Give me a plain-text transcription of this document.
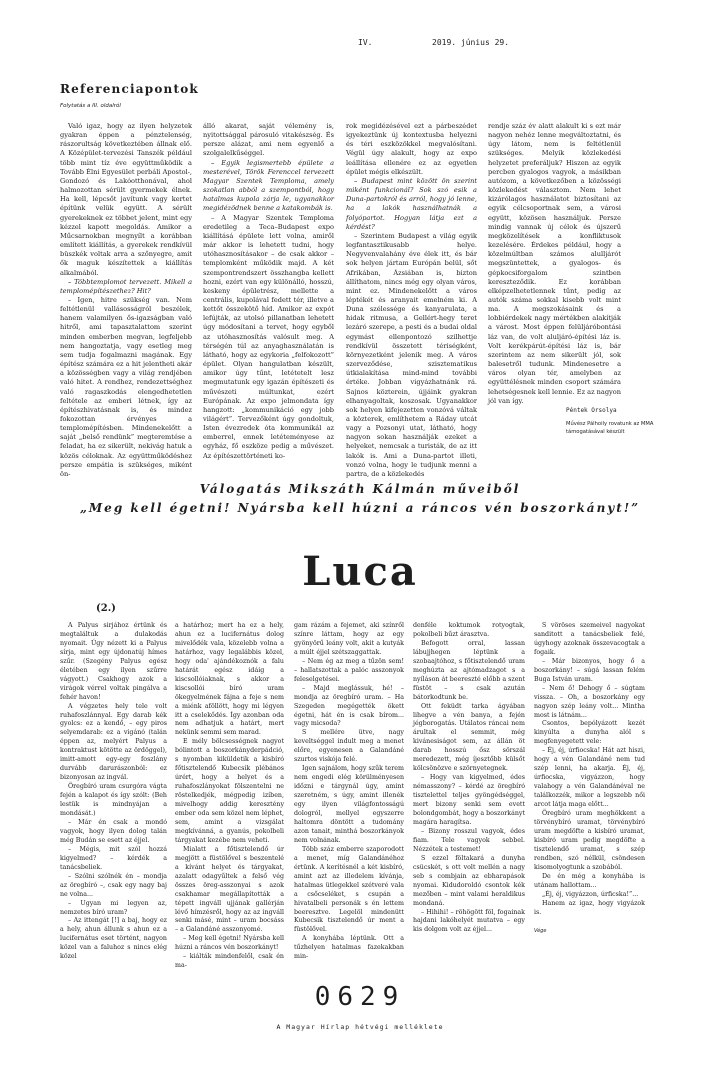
IV.	2019. június 29.
Referenciapontok
Folytatás a III. oldalról

Való igaz, hogy az ilyen helyzetek gyakran éppen a pénztelenség, rászorultság következtében állnak elő. A Középület-tervezési Tanszék például több mint tíz éve együttműködik a Tovább Élni Egyesület perbáli Apostol-, Gondozó és Lakóotthonával, ahol halmozottan sérült gyermekek élnek. Ha kell, lépcsőt javítunk vagy kertet építünk velük együtt. A sérült gyerekeknek ez többet jelent, mint egy kézzel kapott megoldás. Amikor a Műcsarnokban megnyílt a korábban említett kiállítás, a gyerekek rendkívül büszkék voltak arra a szőnyegre, amit ők maguk készítettek a kiállítás alkalmából.

– Többtemplomot tervezett. Mikell a templomépítészethez? Hit?

– Igen, hitre szükség van. Nem feltétlenül vallásosságról beszélek, hanem valamilyen ős-igazságban való hitről, ami tapasztalattom szerint minden emberben megvan, legfeljebb nem hangoztatja, vagy esetleg meg sem tudja fogalmazni magának. Egy építész számára ez a hit jelentheti akár a közösségben vagy a világ rendjében való hitet. A rendhez, rendezettséghez való ragaszkodás elengedhetetlen feltétele az emberi létnek, így az építészhivatásnak is, és mindez fokozottan érvényes a templomépítésben. Mindenekelőtt a saját „belső rendünk” megteremtése a feladat, ha ez sikerült, nekivág hatuk a közös céloknak. Az együttműködéshez persze empátia is szükséges, miként ön-

álló akarat, saját vélemény is, nyitottsággal párosuló vitakészség. És persze alázat, ami nem egyenlő a szolgalelkűséggel.

– Egyik legismertebb épülete a mesterével, Török Ferenccel tervezett Magyar Szentek Temploma, amely szokatlan abból a szempontból, hogy hatalmas kupola zárja le, ugyanakkor megidézödnek benne a katakombák is.

– A Magyar Szentek Temploma eredetileg a Teca–Budapest expo kiállításá épülete lett volna, amiről már akkor is lehetett tudni, hogy utóhasznosításakor – de csak akkor – templomként működik majd. A két szempontrendszert összhangba kellett hozni, ezért van egy különálló, hosszú, keskeny épületrész, mellette a centrális, kupolával fedett tér, illetve a kettőt összekötő híd. Amikor az expót lefújták, az utolsó pillanatban lehetett úgy módosítani a tervet, hogy egyből az utóhasznosítás valósult meg. A térségén túl az anyaghasználatán is látható, hogy az egykoria „felfokozott” épület. Olyan hangulatban készült, amikor úgy tűnt, letétetelt lesz megmutatunk egy igazán építészeti és művészeti múltunkat, ezért Európának. Az expo jelmondata így hangzott: „kommunikáció egy jobb világért”. Tervezőként úgy gondoltuk, Isten évezredek óta kommunikál az emberrel, ennek letéteményese az egyház, fő eszköze pedig a művészet. Az építészettörténeti ko-

rok megidézésével ezt a párbeszédet igyekeztünk új kontextusba helyezni és téri eszközökkel megvalósítani. Végül úgy alakult, hogy az expo leállítása ellenére ez az egyetlen épület mégis elkészült.

– Budapest mint között ön szerint miként funkcionál? Sok szó esik a Duna-partokról és arról, hogy jó lenne, ha a lakók használhatnák a folyópartot. Hogyan látja ezt a kérdést?

– Szerintem Budapest a világ egyik legfantasztikusabb helye. Negyvenvalahány éve élek itt, és bár sok helyen jártam Európán belül, sőt Afrikában, Ázsiában is, bizton állíthatom, nincs még egy olyan város, mint ez. Mindenekelőtt a város léptékét és aranyait emelném ki. A Duna szélessége és kanyarulata, a hidak ritmusa, a Gellért-hegy teret lezáró szerepe, a pesti és a budai oldal egymást ellenpontozó szilhettje rendkívül összetett tériségként, környezetként jelenik meg. A város szerveződése, szisztematikus útkialakítása mind-mind további értéke. Jobban vigyázhatnánk rá. Sajnos közterein, újjáink gyakran elhanyagoltak, koszosak. Ugyanakkor sok helyen kifejezetten vonzóvá váltak a közterek, említhetem a Ráday utcát vagy a Pozsonyi utat, látható, hogy nagyon sokan használják ezeket a helyeket, nemcsak a turisták, de az itt lakók is. Ami a Duna-partot illeti, vonzó volna, hogy le tudjunk menni a partra, de a közlekedés

rendje száz év alatt alakult ki s ezt már nagyon nehéz lenne megváltoztatni, és úgy látom, nem is feltétlenül szükséges. Melyik közlekedési helyzetet preferáljuk? Hiszen az egyik percben gyalogos vagyok, a másikban autózom, a következőben a közösségi közlekedést választom. Nem lehet kizárólagos használatot biztosítani az egyik célcsoportnak sem, a városi együtt, közösen használjuk. Persze mindig vannak új célok és újszerű megközelítések a konfliktusok kezelésére. Érdekes például, hogy a közelmúltban számos alulljárót megszüntettek, a gyalogos- és gépkocsiforgalom szintben kereszteződik. Ez korábban elképzelhetetlennek tűnt, pedig az autók száma sokkal kisebb volt mint ma. A megszokásaink és a lobbiérdekek nagy mértékben alakítják a várost. Most éppen felüljáróbontási láz van, de volt aluljáró-építési láz is. Volt kerékpárút-építési láz is, bár szerintem az nem sikerült jól, sok balesetről tudunk. Mindenesetre a város olyan tér, amelyben az együttélésnek minden csoport számára lehetségesnek kell lennie. Ez az nagyon jól van így.

Péntek Orsolya
Művész Pálhoily rovatunk az MMA támogatásával készült
Válogatás Mikszáth Kálmán műveiből
„Meg kell égetni! Nyársba kell húzni a ráncos vén boszorkányt!”
Luca
(2.)

A Palyus sirjához értünk és megtaláltuk a dulakodás nyomait. Úgy nézett ki a Palyus sírja, mint egy újdonatúj hímes szűr. (Szegény Palyus egész életében egy ilyen szűrre vágyott.) Csakhogy azok a virágok vérrel voltak pingálva a fehér havon!

A végzetes hely tele volt ruhafoszlánnyal. Egy darab kék gyolcs: ez a kendő, – egy piros selyemdarab: ez a vigánó (talán éppen az, melyért Palyus a kontraktust kötötte az ördöggel), imitt-amott egy-egy foszlány durvább darurászonból: ez bizonyosan az ingvál.

Öregbíró uram csurgóra vágta fején a kalapot és így szólt: (Beh lestük is mindnyájan a mondását.)

– Már én csak a mondó vagyok, hogy ilyen dolog talán még Budán se esett az éjjel.

– Mégis, mit szól hozzá kigyelmed? – kérdék a tanácsbeliek.

– Szólni szólnék én – mondja az öregbíró –, csak egy nagy baj ne volna...

– Ugyan mi legyen az, nemzetes bíró uram?

– Az ittengát [!] a baj, hogy ez a hely, ahun állunk s ahun ez a lucifernátus eset történt, nagyon közel van a faluhoz s nincs elég közel

a határhoz; mert ha ez a hely, ahun ez a lucifernátus dolog mivelődék vala, közelebb volna a határhoz, vagy legalábbis közel, hogy oda' ajándékoznók a falu határát egész idáig a kiscsollóiaknak, s akkor a kiscsollói bíró uram ökegyelmének fájna a feje s nem a miénk aföllött, hogy mi légyen itt a cselekődés. Így azonban oda nem adhatjuk a határt, mert nekünk semmi sem marad.

E mély bölcsességnek nagyot bólintott a boszorkányderpádció, s nyomban kiküldetik a kisbíró főtisztelendő Kubecsik plébános úrért, hogy a helyet és a ruhafoszlányokat fölszentelni ne röstelkedjék, mégpedig izíben, mivelhogy addig keresztény ember oda sem közel nem léphet, sem, amint a vizsgálat megkívánná, a gyanús, pokolbeli tárgyakat kezébe nem veheti.

Mialatt a főtisztelendő úr megjött a füstölővel s beszentelé a kívánt helyet és tárgyakat, azalatt odagyűltek a felső vég összes öreg-asszonyai s azok csakhamar megállapították a tépett ingváll ujjának gallérján lévő hímzésről, hogy az az ingváll senki másé, mint – uram bocsáss – a Galandáné asszonyomé.

– Meg kell égetni! Nyársba kell húzni a ráncos vén boszorkányt!

– kiálták mindenfelől, csak én ma-

gam rázám a fejemet, aki színről színre láttam, hogy az egy gyönyörű leány volt, akit a kutyák a múlt éjjel szétszaggattak.

– Nem ég az meg a tűzön sem! – hallatszottak a palóc asszonyok feleselgetései.

– Majd meglássuk, hé! – mondja az öregbíró uram. – Ha Szegeden megégették ökett égetni, hát én is csak bírom... vagy micsoda?

S mellére ütve, nagy keveltséggel indult meg a menet előre, egyenesen a Galandáné szurtos viskója felé.

Igen sajnálom, hogy szűk terem nem engedi elég körülményesen időzni e tárgynál úgy, amint szeretném, s úgy, amint illenék egy ilyen világfontosságú dologról, mellyel egyszerre haltomra döntött a tudomány azon tanait, minthá boszorkányok nem volnának.

Több száz emberre szaporodott a menet, míg Galandánéhoz értünk. A kerítésnél a két kisbíró, amint azt az illedelem kívánja, hatalmas ütlegekkel szétveré vala a csőcseléket, s csupán a hivatalbeli personák s én lettem beeresztve. Legelöl mindenütt Kubecsik tisztelendő úr ment a füstölővel.

A konyhába léptünk. Ott a tűzhelyen hatalmas fazekakban min-

denféle koktumok rotyogtak, pokolbeli bűzt árasztva.

Befogott orral, lassan lábujjhegen léptünk a szobaajtóhoz, s főtisztelendő uram meghúzta az ajtómadzagot s a nyíláson át beereszté előbb a szent füstöt – s csak azután bátorkodtunk be.

Ott feküdt tarka ágyában lihegve a vén banya, a fején jégborogatás. Utálatos ráncai nem árultak el semmit, még kivánesiságot sem, az állán öt darab hosszú ősz sörszál meredezett, még íjesztőbb külsőt kölcsönözve e szörnyetegnek.

– Hogy van kigyelmed, édes némasszony? – kérdé az öregbíró tisztelettel teljes gyöngédséggel, mert bizony senki sem evett bolondgombát, hogy a boszorkányt magára haragítsa.

– Bizony rosszul vagyok, édes fiam. Tele vagyok sebbel. Nézzétek a testemet!

S ezzel föltakará a dunyha csücskét, s ott volt mellén a nagy seb s combjain az ebharapások nyomai. Kidudoroldó csontok kék mezőben – mint valami heraldikus mondaná.

– Hihihi! – röhögött föl, fogainak hajdani lakóhelyét mutatva – egy kis dolgom volt az éjjel...

S vöröses szemeivel nagyokat sanditott a tanácsbeliek felé, úgyhogy azoknak összevacogtak a fogaik.

– Már bizonyos, hogy ő a boszorkány! – súgá lassan felém Buga István uram.

– Nem ő! Dehogy ő – súgtam vissza. – Oh, a boszorkány egy nagyon szép leány volt... Mintha most is látnám...

Csontos, bepólyázott kezét kinyúlta a dunyha alól s megfenyegetett vele:

– Éj, éj, úrfiocska! Hát azt hiszi, hogy a vén Galandáné nem tud szép lenni, ha akarja. Éj, éj, úrfiocska, vigyázzon, hogy valahogy a vén Galandánéval ne találkozzék, mikor a legszebb női arcot látja maga előtt...

Öregbíró uram meghökkent a törvénybíró uramat, törvénybíró uram megdöfte a kisbíró uramat, kisbíró uram pedig megdöfte a tisztelendő uramat, s szép rendben, szó nélkül, csöndesen kisomolyogtunk a szobából.

De én még a konyhába is utánam hallottam...

„Éj, éj, vigyázzon, úrficska!”...

Hanem az igaz, hogy vigyázok is.

Vége

0629
A Magyar Hírlap hétvégi melléklete
